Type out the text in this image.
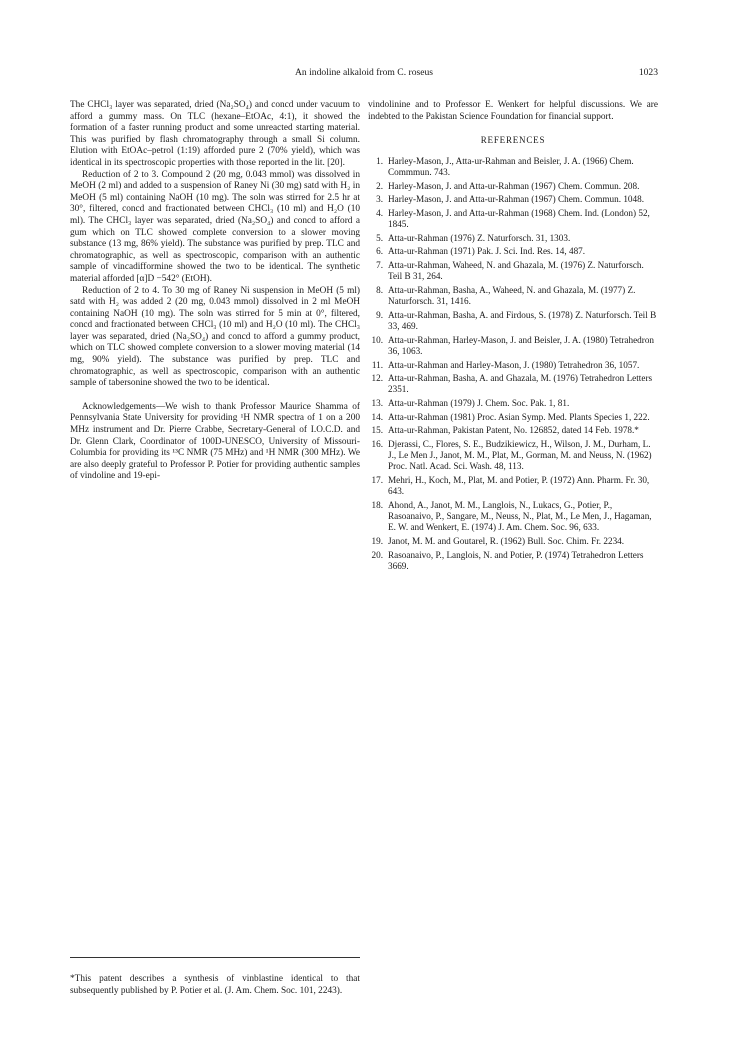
An indoline alkaloid from C. roseus	1023

The CHCl₃ layer was separated, dried (Na₂SO₄) and concd under vacuum to afford a gummy mass. On TLC (hexane–EtOAc, 4:1), it showed the formation of a faster running product and some unreacted starting material. This was purified by flash chromatography through a small Si column. Elution with EtOAc–petrol (1:19) afforded pure 2 (70% yield), which was identical in its spectroscopic properties with those reported in the lit. [20].

Reduction of 2 to 3. Compound 2 (20 mg, 0.043 mmol) was dissolved in MeOH (2 ml) and added to a suspension of Raney Ni (30 mg) satd with H₂ in MeOH (5 ml) containing NaOH (10 mg). The soln was stirred for 2.5 hr at 30°, filtered, concd and fractionated between CHCl₃ (10 ml) and H₂O (10 ml). The CHCl₃ layer was separated, dried (Na₂SO₄) and concd to afford a gum which on TLC showed complete conversion to a slower moving substance (13 mg, 86% yield). The substance was purified by prep. TLC and chromatographic, as well as spectroscopic, comparison with an authentic sample of vincadifformine showed the two to be identical. The synthetic material afforded [α]D −542° (EtOH).

Reduction of 2 to 4. To 30 mg of Raney Ni suspension in MeOH (5 ml) satd with H₂ was added 2 (20 mg, 0.043 mmol) dissolved in 2 ml MeOH containing NaOH (10 mg). The soln was stirred for 5 min at 0°, filtered, concd and fractionated between CHCl₃ (10 ml) and H₂O (10 ml). The CHCl₃ layer was separated, dried (Na₂SO₄) and concd to afford a gummy product, which on TLC showed complete conversion to a slower moving material (14 mg, 90% yield). The substance was purified by prep. TLC and chromatographic, as well as spectroscopic, comparison with an authentic sample of tabersonine showed the two to be identical.

Acknowledgements—We wish to thank Professor Maurice Shamma of Pennsylvania State University for providing ¹H NMR spectra of 1 on a 200 MHz instrument and Dr. Pierre Crabbe, Secretary-General of I.O.C.D. and Dr. Glenn Clark, Coordinator of 100D-UNESCO, University of Missouri-Columbia for providing its ¹³C NMR (75 MHz) and ¹H NMR (300 MHz). We are also deeply grateful to Professor P. Potier for providing authentic samples of vindoline and 19-epi-

vindolinine and to Professor E. Wenkert for helpful discussions. We are indebted to the Pakistan Science Foundation for financial support.

REFERENCES
1. Harley-Mason, J., Atta-ur-Rahman and Beisler, J. A. (1966) Chem. Commmun. 743.
2. Harley-Mason, J. and Atta-ur-Rahman (1967) Chem. Commun. 208.
3. Harley-Mason, J. and Atta-ur-Rahman (1967) Chem. Commun. 1048.
4. Harley-Mason, J. and Atta-ur-Rahman (1968) Chem. Ind. (London) 52, 1845.
5. Atta-ur-Rahman (1976) Z. Naturforsch. 31, 1303.
6. Atta-ur-Rahman (1971) Pak. J. Sci. Ind. Res. 14, 487.
7. Atta-ur-Rahman, Waheed, N. and Ghazala, M. (1976) Z. Naturforsch. Teil B 31, 264.
8. Atta-ur-Rahman, Basha, A., Waheed, N. and Ghazala, M. (1977) Z. Naturforsch. 31, 1416.
9. Atta-ur-Rahman, Basha, A. and Firdous, S. (1978) Z. Naturforsch. Teil B 33, 469.
10. Atta-ur-Rahman, Harley-Mason, J. and Beisler, J. A. (1980) Tetrahedron 36, 1063.
11. Atta-ur-Rahman and Harley-Mason, J. (1980) Tetrahedron 36, 1057.
12. Atta-ur-Rahman, Basha, A. and Ghazala, M. (1976) Tetrahedron Letters 2351.
13. Atta-ur-Rahman (1979) J. Chem. Soc. Pak. 1, 81.
14. Atta-ur-Rahman (1981) Proc. Asian Symp. Med. Plants Species 1, 222.
15. Atta-ur-Rahman, Pakistan Patent, No. 126852, dated 14 Feb. 1978.*
16. Djerassi, C., Flores, S. E., Budzikiewicz, H., Wilson, J. M., Durham, L. J., Le Men J., Janot, M. M., Plat, M., Gorman, M. and Neuss, N. (1962) Proc. Natl. Acad. Sci. Wash. 48, 113.
17. Mehri, H., Koch, M., Plat, M. and Potier, P. (1972) Ann. Pharm. Fr. 30, 643.
18. Ahond, A., Janot, M. M., Langlois, N., Lukacs, G., Potier, P., Rasoanaivo, P., Sangare, M., Neuss, N., Plat, M., Le Men, J., Hagaman, E. W. and Wenkert, E. (1974) J. Am. Chem. Soc. 96, 633.
19. Janot, M. M. and Goutarel, R. (1962) Bull. Soc. Chim. Fr. 2234.
20. Rasoanaivo, P., Langlois, N. and Potier, P. (1974) Tetrahedron Letters 3669.

*This patent describes a synthesis of vinblastine identical to that subsequently published by P. Potier et al. (J. Am. Chem. Soc. 101, 2243).
